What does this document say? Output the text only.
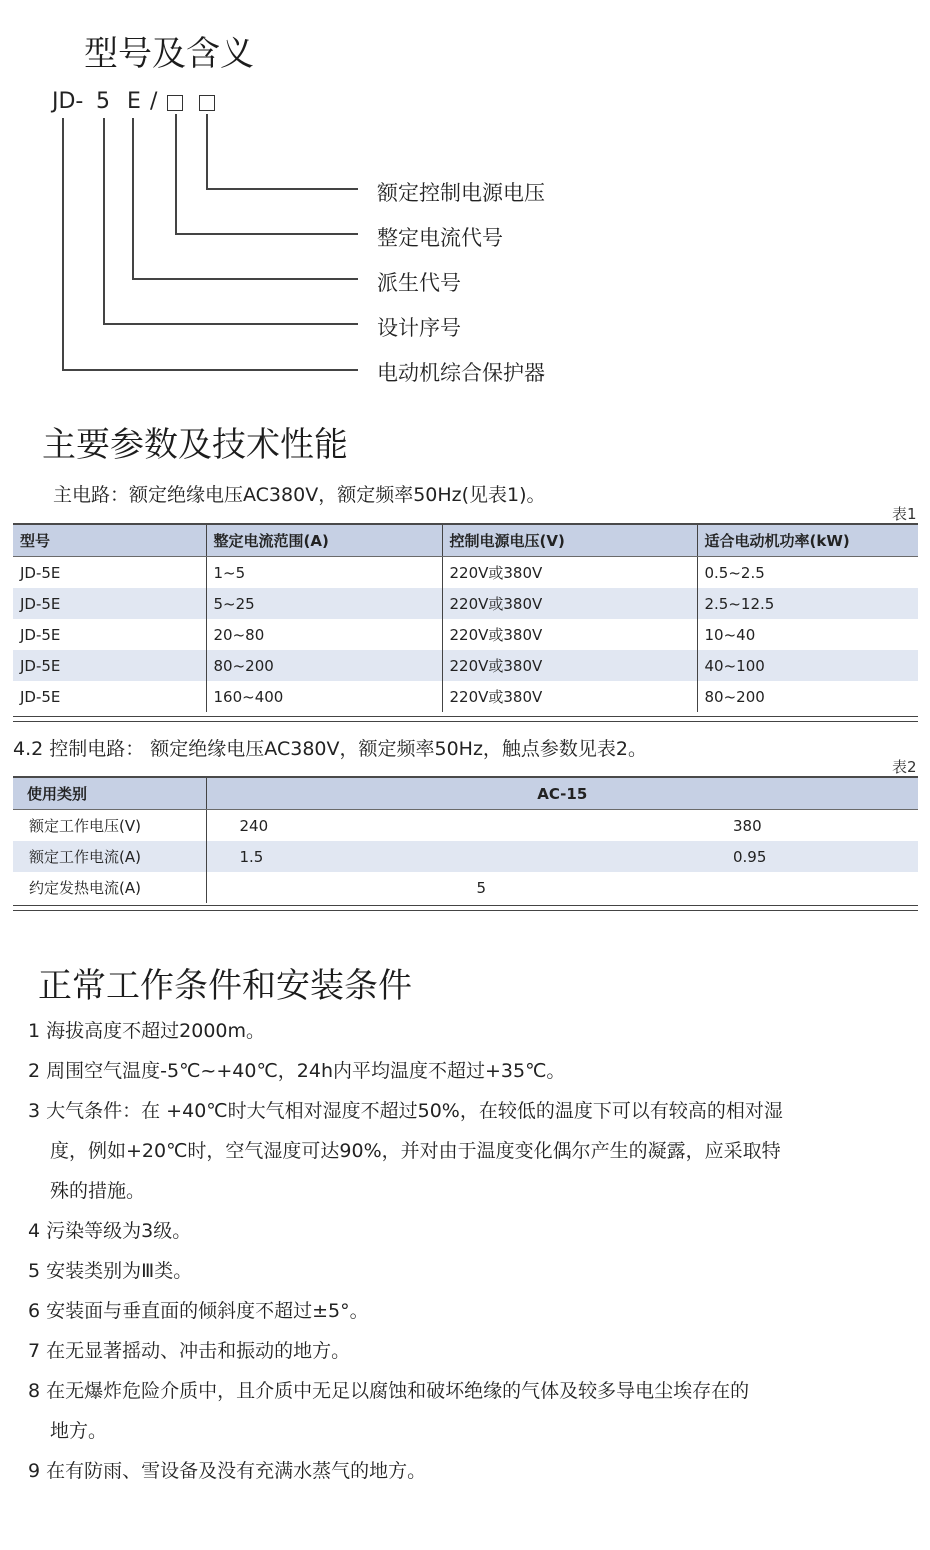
型号及含义
JD- 5 E /
额定控制电源电压
整定电流代号
派生代号
设计序号
电动机综合保护器
主要参数及技术性能
主电路：额定绝缘电压AC380V，额定频率50Hz(见表1)。
表1
型号	整定电流范围(A)	控制电源电压(V)	适合电动机功率(kW)
JD-5E	1~5	220V或380V	0.5~2.5
JD-5E	5~25	220V或380V	2.5~12.5
JD-5E	20~80	220V或380V	10~40
JD-5E	80~200	220V或380V	40~100
JD-5E	160~400	220V或380V	80~200
4.2 控制电路： 额定绝缘电压AC380V，额定频率50Hz，触点参数见表2。
表2
使用类别	AC-15	
额定工作电压(V)	240	380
额定工作电流(A)	1.5	0.95
约定发热电流(A)	5	
正常工作条件和安装条件
1 海拔高度不超过2000m。
2 周围空气温度-5℃~+40℃，24h内平均温度不超过+35℃。
3 大气条件：在 +40℃时大气相对湿度不超过50%，在较低的温度下可以有较高的相对湿
度，例如+20℃时，空气湿度可达90%，并对由于温度变化偶尔产生的凝露，应采取特
殊的措施。
4 污染等级为3级。
5 安装类别为Ⅲ类。
6 安装面与垂直面的倾斜度不超过±5°。
7 在无显著摇动、冲击和振动的地方。
8 在无爆炸危险介质中，且介质中无足以腐蚀和破坏绝缘的气体及较多导电尘埃存在的
地方。
9 在有防雨、雪设备及没有充满水蒸气的地方。
